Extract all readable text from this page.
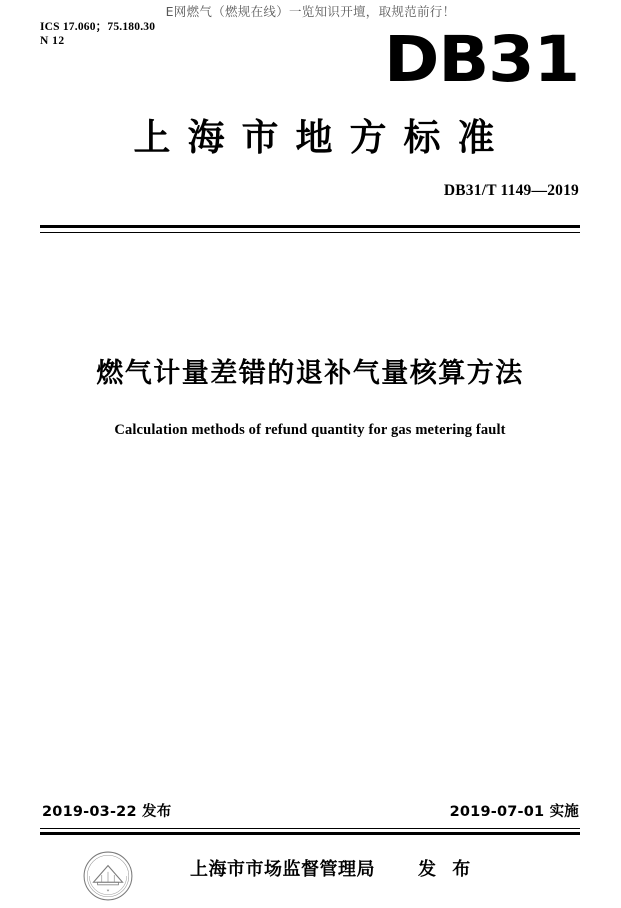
E网燃气（燃规在线）一览知识开壇，取规范前行！
ICS 17.060；75.180.30
N 12	DB31
上海市地方标准
DB31/T 1149—2019
燃气计量差错的退补气量核算方法
Calculation methods of refund quantity for gas metering fault
2019-03-22 发布	2019-07-01 实施
★
上海市市场监督管理局 发 布
